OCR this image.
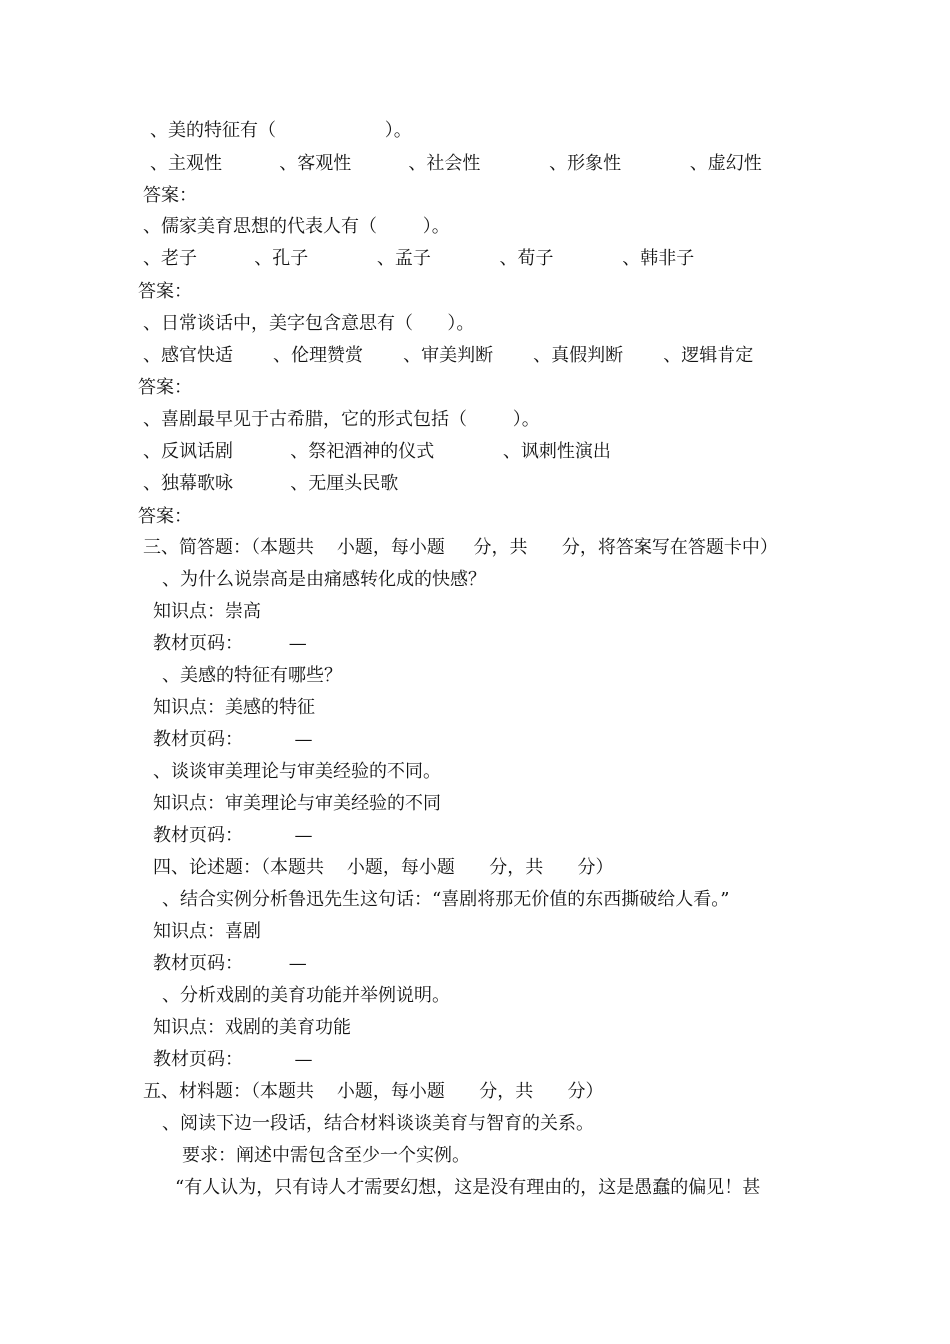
、美的特征有（                   ）。
、主观性          、客观性          、社会性            、形象性            、虚幻性
答案：
、儒家美育思想的代表人有（        ）。
、老子          、孔子            、孟子            、荀子            、韩非子
答案：
、日常谈话中，美字包含意思有（      ）。
、感官快适       、伦理赞赏       、审美判断       、真假判断       、逻辑肯定
答案：
、喜剧最早见于古希腊，它的形式包括（        ）。
、反讽话剧          、祭祀酒神的仪式            、讽刺性演出
、独幕歌咏          、无厘头民歌
答案：
三、简答题：（本题共    小题，每小题     分，共      分，将答案写在答题卡中）
、为什么说崇高是由痛感转化成的快感？
知识点：崇高
教材页码：        —
、美感的特征有哪些？
知识点：美感的特征
教材页码：         —
、谈谈审美理论与审美经验的不同。
知识点：审美理论与审美经验的不同
教材页码：         —
四、论述题：（本题共    小题，每小题      分，共      分）
、结合实例分析鲁迅先生这句话：“喜剧将那无价值的东西撕破给人看。”
知识点：喜剧
教材页码：        —
、分析戏剧的美育功能并举例说明。
知识点：戏剧的美育功能
教材页码：         —
五、材料题：（本题共    小题，每小题      分，共      分）
、阅读下边一段话，结合材料谈谈美育与智育的关系。
要求：阐述中需包含至少一个实例。
“有人认为，只有诗人才需要幻想，这是没有理由的，这是愚蠢的偏见！甚
